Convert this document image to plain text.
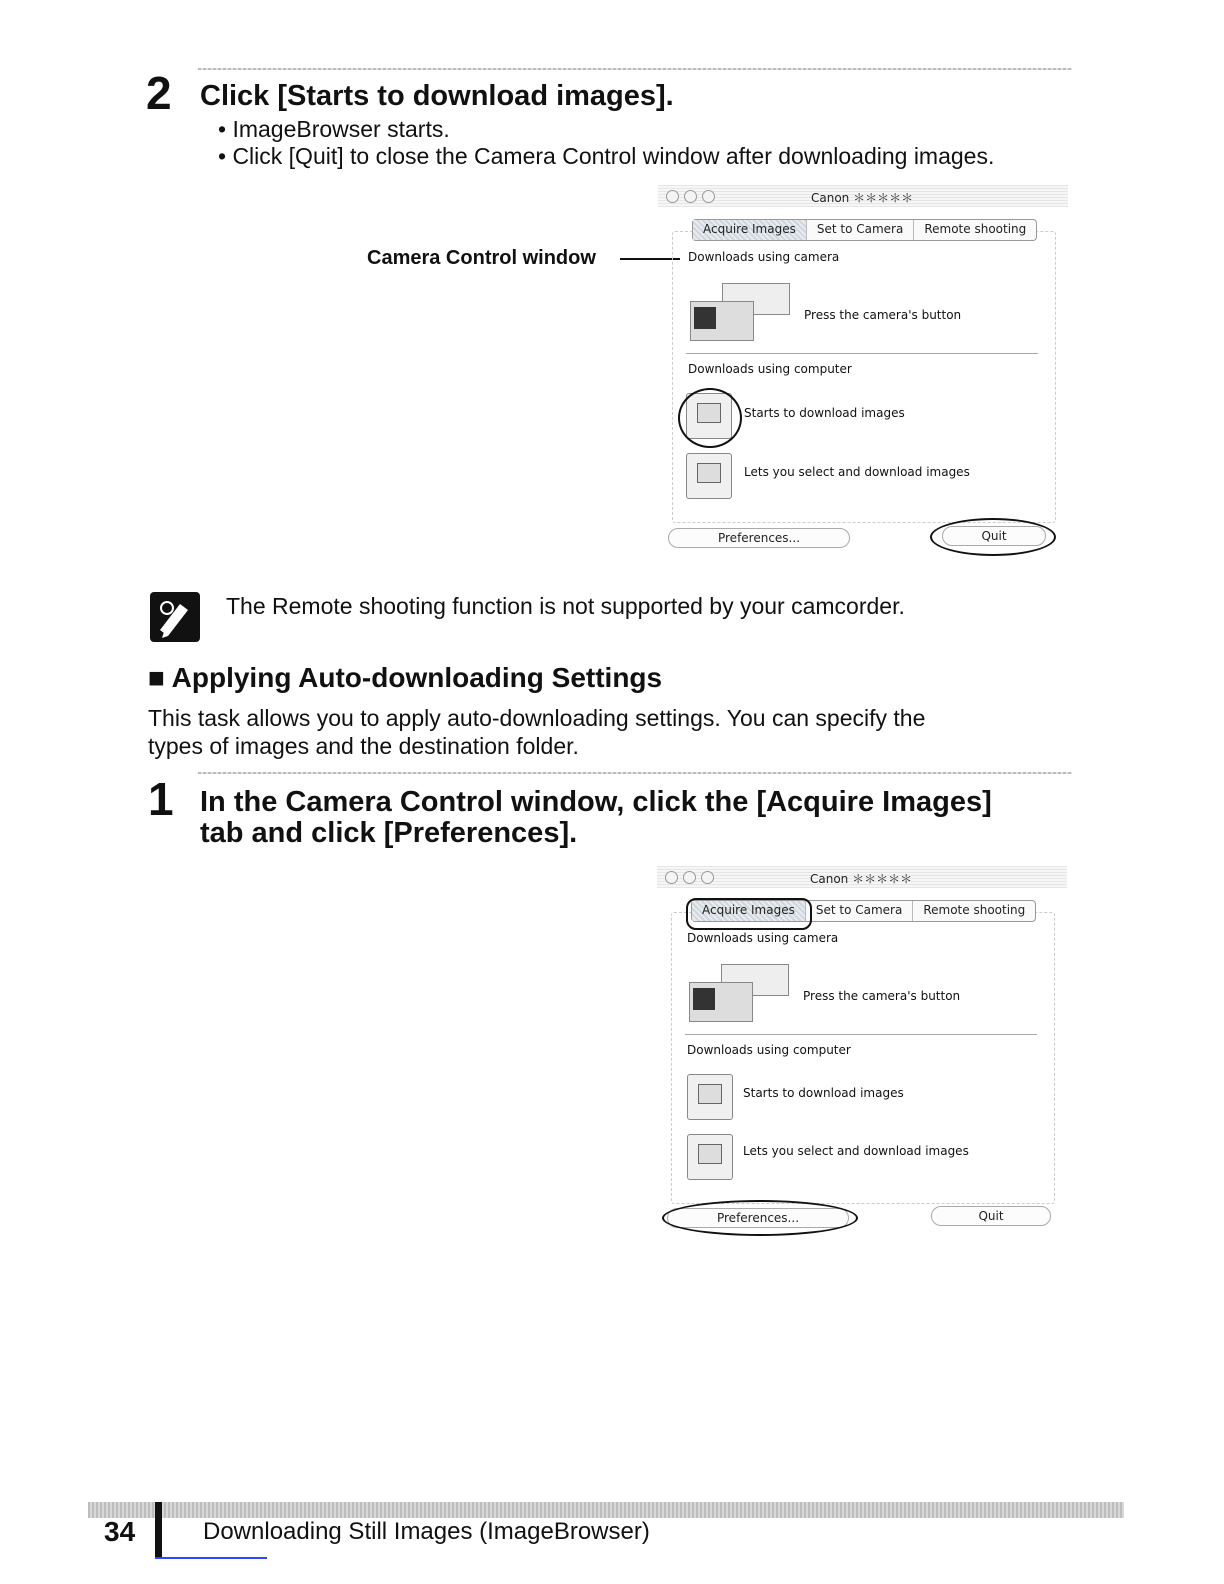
2 Click [Starts to download images].
• ImageBrowser starts.
• Click [Quit] to close the Camera Control window after downloading images.
Camera Control window
Canon ＊＊＊＊＊
Acquire Images	Set to Camera	Remote shooting
Downloads using camera
Press the camera's button
Downloads using computer
Starts to download images
Lets you select and download images
Preferences...	Quit
The Remote shooting function is not supported by your camcorder.
■ Applying Auto-downloading Settings
This task allows you to apply auto-downloading settings. You can specify the
types of images and the destination folder.
1 In the Camera Control window, click the [Acquire Images]
tab and click [Preferences].
Canon ＊＊＊＊＊
Acquire Images	Set to Camera	Remote shooting
Downloads using camera
Press the camera's button
Downloads using computer
Starts to download images
Lets you select and download images
Preferences...	Quit
34	Downloading Still Images (ImageBrowser)
